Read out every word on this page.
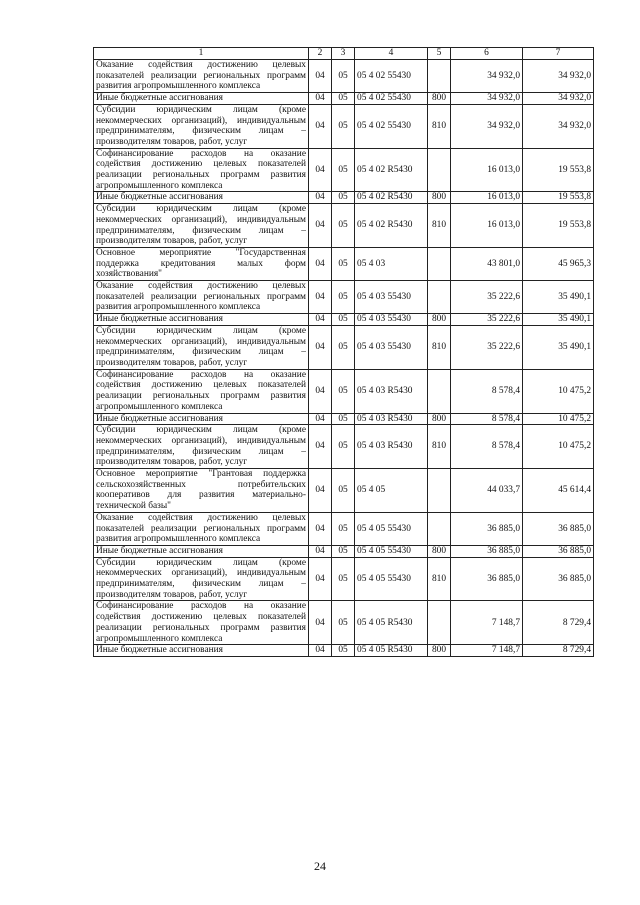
1	2	3	4	5	6	7
Оказание содействия достижению целевых показателей реализации региональных программ развития агропромышленного комплекса	04	05	05 4 02 55430		34 932,0	34 932,0
Иные бюджетные ассигнования	04	05	05 4 02 55430	800	34 932,0	34 932,0
Субсидии юридическим лицам (кроме некоммерческих организаций), индивидуальным предпринимателям, физическим лицам – производителям товаров, работ, услуг	04	05	05 4 02 55430	810	34 932,0	34 932,0
Софинансирование расходов на оказание содействия достижению целевых показателей реализации региональных программ развития агропромышленного комплекса	04	05	05 4 02 R5430		16 013,0	19 553,8
Иные бюджетные ассигнования	04	05	05 4 02 R5430	800	16 013,0	19 553,8
Субсидии юридическим лицам (кроме некоммерческих организаций), индивидуальным предпринимателям, физическим лицам – производителям товаров, работ, услуг	04	05	05 4 02 R5430	810	16 013,0	19 553,8
Основное мероприятие "Государственная поддержка кредитования малых форм хозяйствования"	04	05	05 4 03		43 801,0	45 965,3
Оказание содействия достижению целевых показателей реализации региональных программ развития агропромышленного комплекса	04	05	05 4 03 55430		35 222,6	35 490,1
Иные бюджетные ассигнования	04	05	05 4 03 55430	800	35 222,6	35 490,1
Субсидии юридическим лицам (кроме некоммерческих организаций), индивидуальным предпринимателям, физическим лицам – производителям товаров, работ, услуг	04	05	05 4 03 55430	810	35 222,6	35 490,1
Софинансирование расходов на оказание содействия достижению целевых показателей реализации региональных программ развития агропромышленного комплекса	04	05	05 4 03 R5430		8 578,4	10 475,2
Иные бюджетные ассигнования	04	05	05 4 03 R5430	800	8 578,4	10 475,2
Субсидии юридическим лицам (кроме некоммерческих организаций), индивидуальным предпринимателям, физическим лицам – производителям товаров, работ, услуг	04	05	05 4 03 R5430	810	8 578,4	10 475,2
Основное мероприятие "Грантовая поддержка сельскохозяйственных потребительских кооперативов для развития материально-технической базы"	04	05	05 4 05		44 033,7	45 614,4
Оказание содействия достижению целевых показателей реализации региональных программ развития агропромышленного комплекса	04	05	05 4 05 55430		36 885,0	36 885,0
Иные бюджетные ассигнования	04	05	05 4 05 55430	800	36 885,0	36 885,0
Субсидии юридическим лицам (кроме некоммерческих организаций), индивидуальным предпринимателям, физическим лицам – производителям товаров, работ, услуг	04	05	05 4 05 55430	810	36 885,0	36 885,0
Софинансирование расходов на оказание содействия достижению целевых показателей реализации региональных программ развития агропромышленного комплекса	04	05	05 4 05 R5430		7 148,7	8 729,4
Иные бюджетные ассигнования	04	05	05 4 05 R5430	800	7 148,7	8 729,4
24
